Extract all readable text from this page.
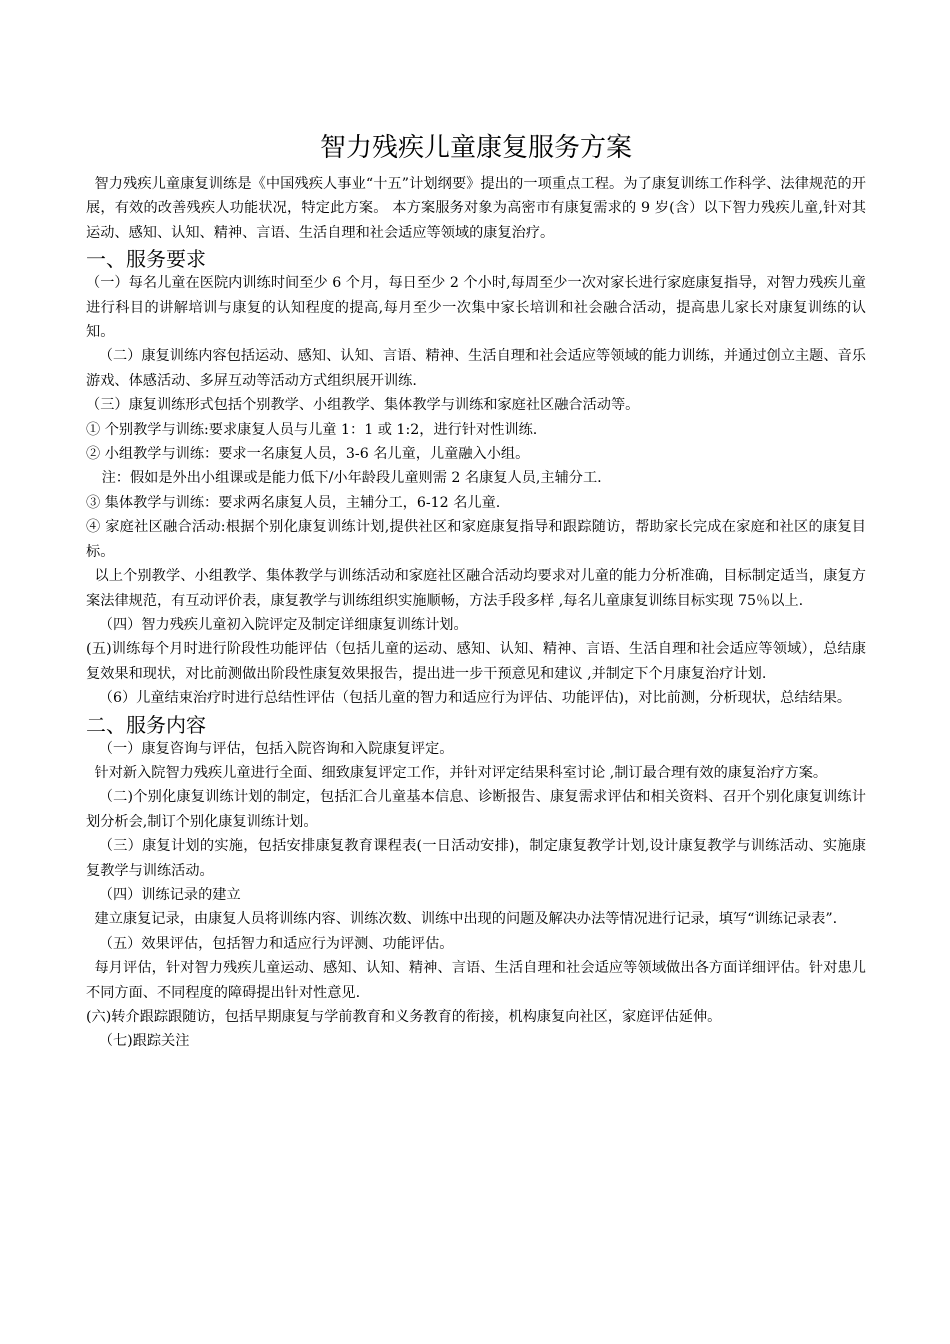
智力残疾儿童康复服务方案

智力残疾儿童康复训练是《中国残疾人事业“十五”计划纲要》提出的一项重点工程。为了康复训练工作科学、法律规范的开展，有效的改善残疾人功能状况，特定此方案。 本方案服务对象为高密市有康复需求的 9 岁(含）以下智力残疾儿童,针对其运动、感知、认知、精神、言语、生活自理和社会适应等领域的康复治疗。

一、服务要求

（一）每名儿童在医院内训练时间至少 6 个月，每日至少 2 个小时,每周至少一次对家长进行家庭康复指导，对智力残疾儿童进行科目的讲解培训与康复的认知程度的提高,每月至少一次集中家长培训和社会融合活动，提高患儿家长对康复训练的认知。

（二）康复训练内容包括运动、感知、认知、言语、精神、生活自理和社会适应等领域的能力训练，并通过创立主题、音乐游戏、体感活动、多屏互动等活动方式组织展开训练.

（三）康复训练形式包括个别教学、小组教学、集体教学与训练和家庭社区融合活动等。

① 个别教学与训练:要求康复人员与儿童 1：1 或 1:2，进行针对性训练.

② 小组教学与训练：要求一名康复人员，3-6 名儿童，儿童融入小组。

注：假如是外出小组课或是能力低下/小年龄段儿童则需 2 名康复人员,主辅分工.

③ 集体教学与训练：要求两名康复人员，主辅分工，6-12 名儿童.

④ 家庭社区融合活动:根据个别化康复训练计划,提供社区和家庭康复指导和跟踪随访，帮助家长完成在家庭和社区的康复目标。

以上个别教学、小组教学、集体教学与训练活动和家庭社区融合活动均要求对儿童的能力分析准确，目标制定适当，康复方案法律规范，有互动评价表，康复教学与训练组织实施顺畅，方法手段多样 ,每名儿童康复训练目标实现 75％以上.

（四）智力残疾儿童初入院评定及制定详细康复训练计划。

(五)训练每个月时进行阶段性功能评估（包括儿童的运动、感知、认知、精神、言语、生活自理和社会适应等领域），总结康复效果和现状，对比前测做出阶段性康复效果报告，提出进一步干预意见和建议 ,并制定下个月康复治疗计划.

（6）儿童结束治疗时进行总结性评估（包括儿童的智力和适应行为评估、功能评估)，对比前测，分析现状，总结结果。

二、服务内容

（一）康复咨询与评估，包括入院咨询和入院康复评定。

针对新入院智力残疾儿童进行全面、细致康复评定工作，并针对评定结果科室讨论 ,制订最合理有效的康复治疗方案。

（二)个别化康复训练计划的制定，包括汇合儿童基本信息、诊断报告、康复需求评估和相关资料、召开个别化康复训练计划分析会,制订个别化康复训练计划。

（三）康复计划的实施，包括安排康复教育课程表(一日活动安排)，制定康复教学计划,设计康复教学与训练活动、实施康复教学与训练活动。

（四）训练记录的建立

建立康复记录，由康复人员将训练内容、训练次数、训练中出现的问题及解决办法等情况进行记录，填写“训练记录表”.

（五）效果评估，包括智力和适应行为评测、功能评估。

每月评估，针对智力残疾儿童运动、感知、认知、精神、言语、生活自理和社会适应等领域做出各方面详细评估。针对患儿不同方面、不同程度的障碍提出针对性意见.

(六)转介跟踪跟随访，包括早期康复与学前教育和义务教育的衔接，机构康复向社区，家庭评估延伸。

（七)跟踪关注
